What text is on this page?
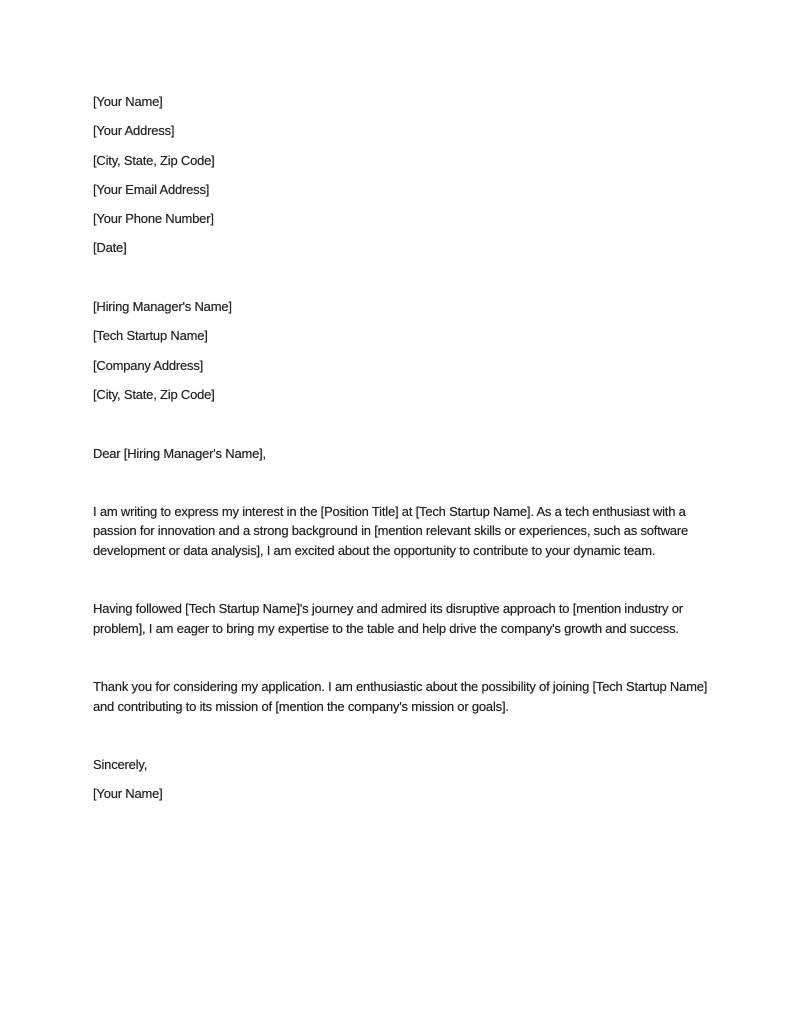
[Your Name]

[Your Address]

[City, State, Zip Code]

[Your Email Address]

[Your Phone Number]

[Date]

[Hiring Manager's Name]

[Tech Startup Name]

[Company Address]

[City, State, Zip Code]

Dear [Hiring Manager's Name],

I am writing to express my interest in the [Position Title] at [Tech Startup Name]. As a tech enthusiast with a passion for innovation and a strong background in [mention relevant skills or experiences, such as software development or data analysis], I am excited about the opportunity to contribute to your dynamic team.

Having followed [Tech Startup Name]'s journey and admired its disruptive approach to [mention industry or problem], I am eager to bring my expertise to the table and help drive the company's growth and success.

Thank you for considering my application. I am enthusiastic about the possibility of joining [Tech Startup Name] and contributing to its mission of [mention the company's mission or goals].

Sincerely,

[Your Name]
